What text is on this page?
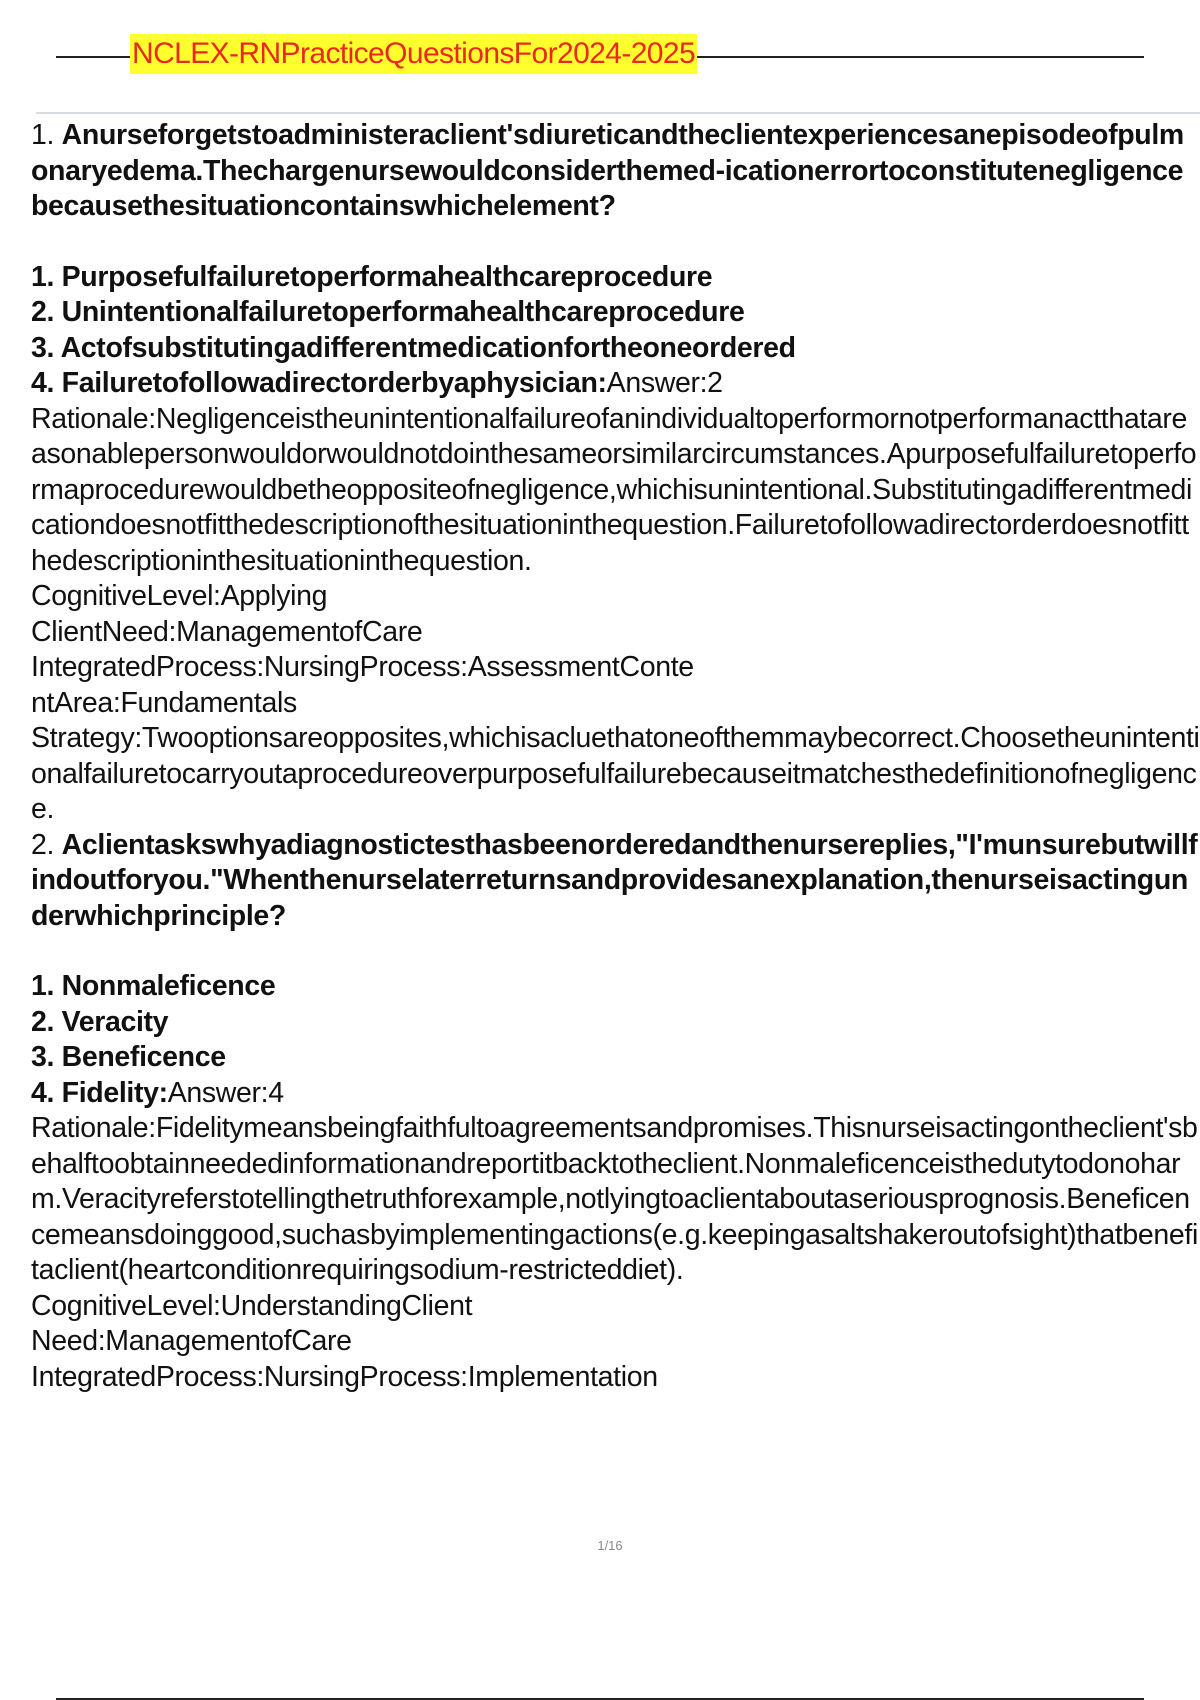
NCLEX-RNPracticeQuestionsFor2024-2025

1. Anurseforgetstoadministeraclient'sdiureticandtheclientexperiencesanepisodeofpulmonaryedema.Thechargenursewouldconsiderthemed-icationerrortoconstitutenegligencebecausethesituationcontainswhichelement?

1. Purposefulfailuretoperformahealthcareprocedure

2. Unintentionalfailuretoperformahealthcareprocedure

3. Actofsubstitutingadifferentmedicationfortheoneordered

4. Failuretofollowadirectorderbyaphysician:Answer:2

Rationale:Negligenceistheunintentionalfailureofanindividualtoperformornotperformanactthatareasonablepersonwouldorwouldnotdointhesameorsimilarcircumstances.Apurposefulfailuretoperformaprocedurewouldbetheoppositeofnegligence,whichisunintentional.Substitutingadifferentmedicationdoesnotfitthedescriptionofthesituationinthequestion.Failuretofollowadirectorderdoesnotfitthedescriptioninthesituationinthequestion.

CognitiveLevel:Applying

ClientNeed:ManagementofCare

IntegratedProcess:NursingProcess:AssessmentConte

ntArea:Fundamentals

Strategy:Twooptionsareopposites,whichisacluethatoneofthemmaybecorrect.Choosetheunintentionalfailuretocarryoutaprocedureoverpurposefulfailurebecauseitmatchesthedefinitionofnegligence.

2. Aclientaskswhyadiagnostictesthasbeenorderedandthenursereplies,"I'munsurebutwillfindoutforyou."Whenthenurselaterreturnsandprovidesanexplanation,thenurseisactingunderwhichprinciple?

1. Nonmaleficence

2. Veracity

3. Beneficence

4. Fidelity:Answer:4

Rationale:Fidelitymeansbeingfaithfultoagreementsandpromises.Thisnurseisactingontheclient'sbehalftoobtainneededinformationandreportitbacktotheclient.Nonmaleficenceisthedutytodonoharm.Veracityreferstotellingthetruthforexample,notlyingtoaclientaboutaseriousprognosis.Beneficencemeansdoinggood,suchasbyimplementingactions(e.g.keepingasaltshakeroutofsight)thatbenefitaclient(heartconditionrequiringsodium-restricteddiet).

CognitiveLevel:UnderstandingClient

Need:ManagementofCare

IntegratedProcess:NursingProcess:Implementation

1/16
